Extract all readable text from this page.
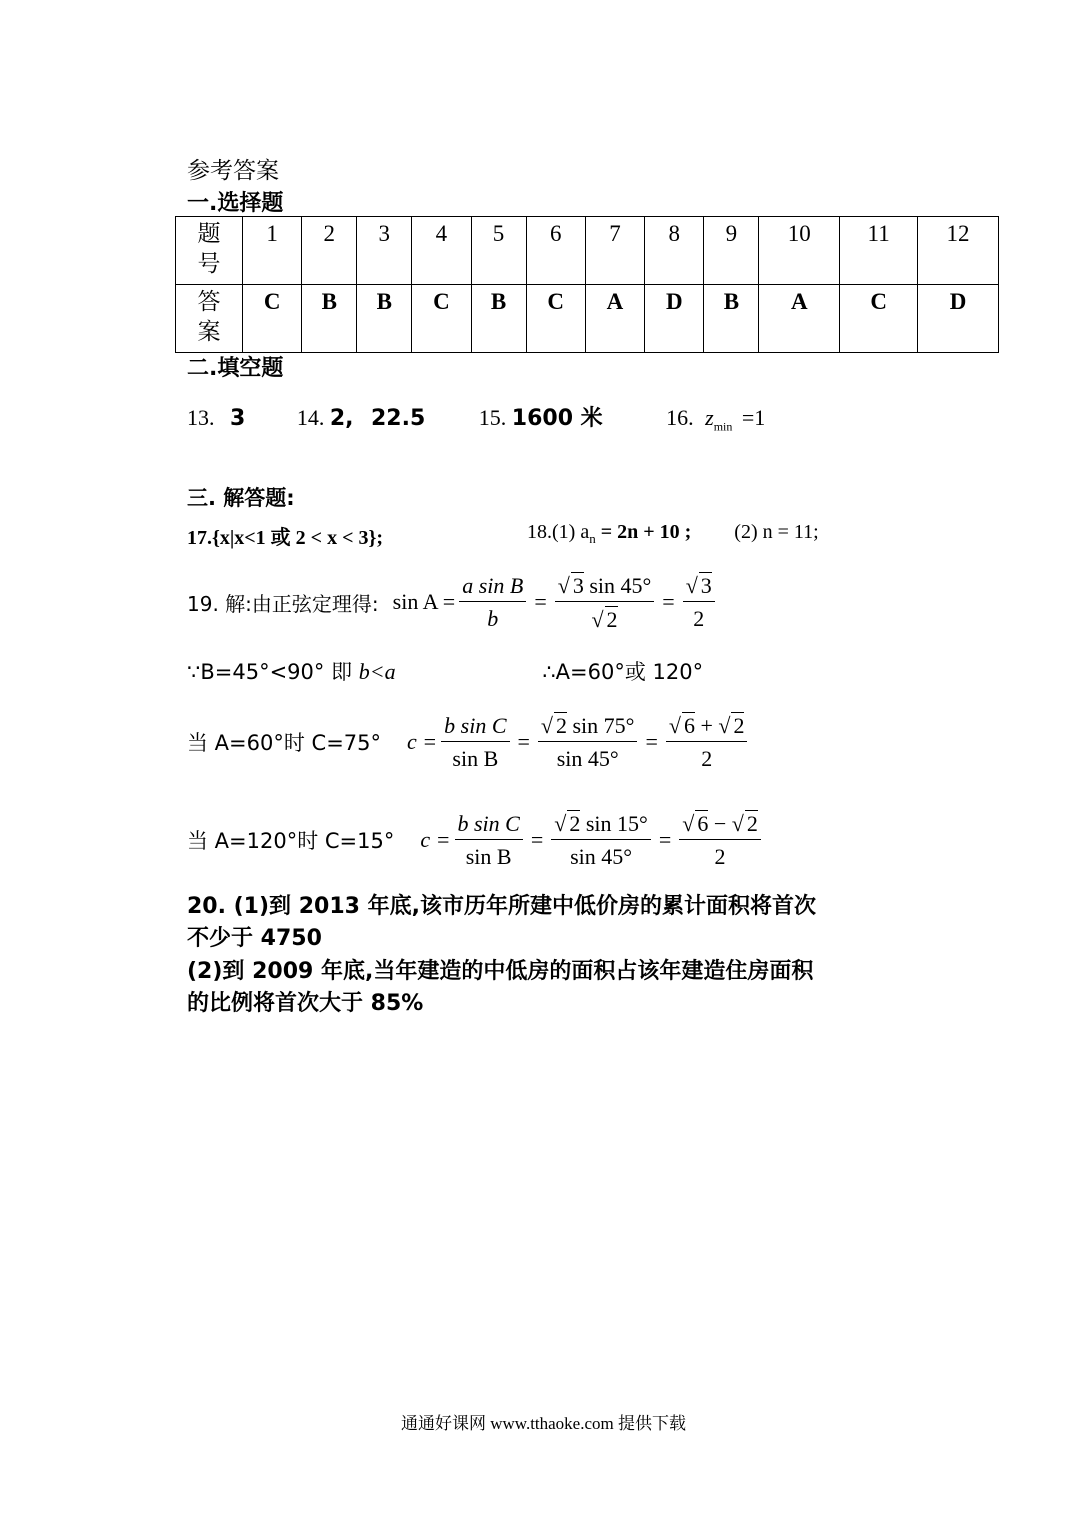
参考答案
一.选择题
题号	1	2	3	4	5	6	7	8	9	10	11	12
答案	C	B	B	C	B	C	A	D	B	A	C	D
二.填空题
13. 3 14. 2, 22.5 15. 1600 米	16. $z_{min} =1$
三. 解答题:
17.{x|x<1 或 2 < x < 3};	18.(1) $a_n = 2n + 10$ ; (2) n = 11;
19. 解:由正弦定理得: $\sin A = \frac{\text{a sin B}}{b} = \frac{√ 3 \sin 45^\circ}{√ 2} = \frac{√ 3}{2}$
∵B=45°<90° 即 b<a	∴A=60°或 120°
当 A=60°时 C=75° $c = \frac{\text{b sin C}}{\text{sin B}} = \frac{√ 2 \sin 75^\circ}{\sin 45^\circ} = \frac{√ 6 + √ 2}{2}$
当 A=120°时 C=15° $c = \frac{\text{b sin C}}{\text{sin B}} = \frac{√ 2 \sin 15^\circ}{\sin 45^\circ} = \frac{√ 6 - √ 2}{2}$
20. (1)到 2013 年底,该市历年所建中低价房的累计面积将首次
不少于 4750
(2)到 2009 年底,当年建造的中低房的面积占该年建造住房面积
的比例将首次大于 85%
通通好课网 www.tthaoke.com 提供下载
